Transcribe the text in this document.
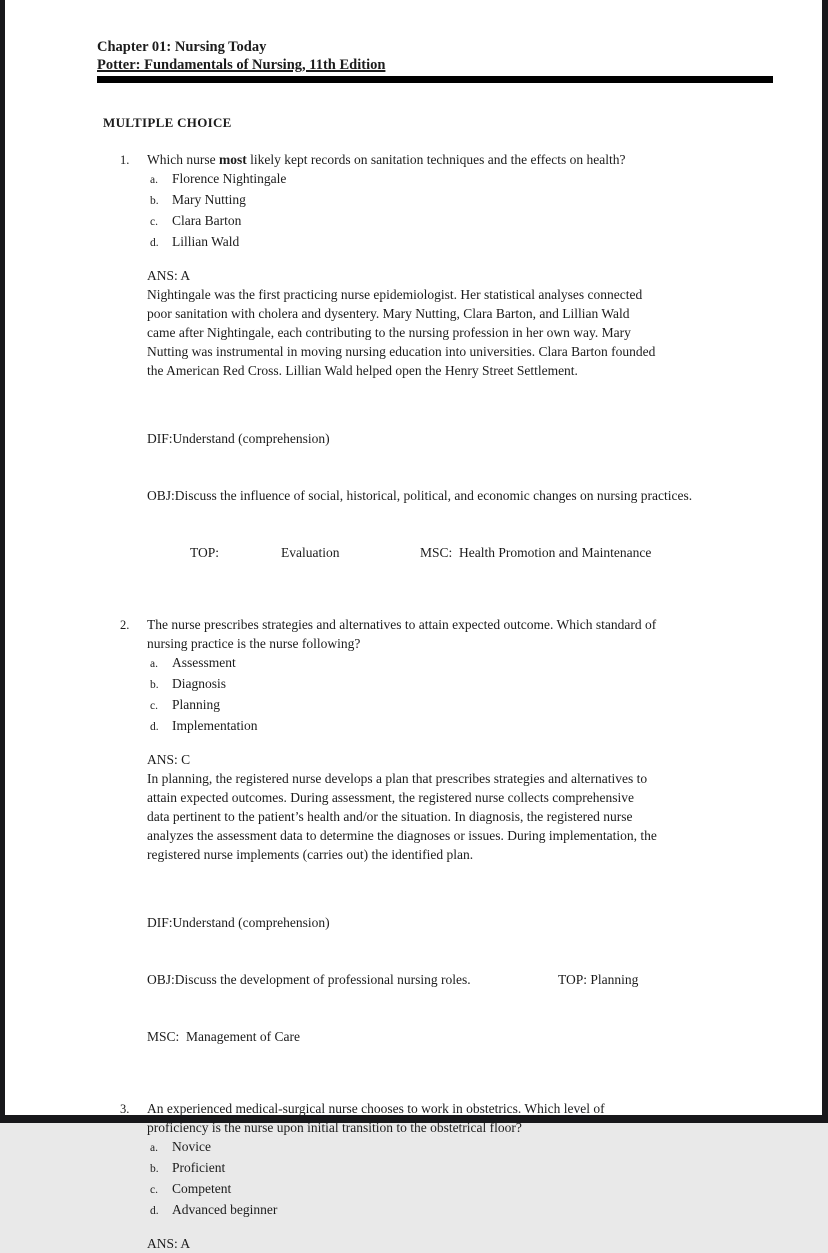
Chapter 01: Nursing Today
Potter: Fundamentals of Nursing, 11th Edition
MULTIPLE CHOICE
1. Which nurse most likely kept records on sanitation techniques and the effects on health?
a. Florence Nightingale
b. Mary Nutting
c. Clara Barton
d. Lillian Wald
ANS: A
Nightingale was the first practicing nurse epidemiologist. Her statistical analyses connected
poor sanitation with cholera and dysentery. Mary Nutting, Clara Barton, and Lillian Wald
came after Nightingale, each contributing to the nursing profession in her own way. Mary
Nutting was instrumental in moving nursing education into universities. Clara Barton founded
the American Red Cross. Lillian Wald helped open the Henry Street Settlement.

DIF:Understand (comprehension)

OBJ:Discuss the influence of social, historical, political, and economic changes on nursing practices.

TOP:

	Evaluation

	MSC:  Health Promotion and Maintenance

2. The nurse prescribes strategies and alternatives to attain expected outcome. Which standard of
nursing practice is the nurse following?
a. Assessment
b. Diagnosis
c. Planning
d. Implementation
ANS: C
In planning, the registered nurse develops a plan that prescribes strategies and alternatives to
attain expected outcomes. During assessment, the registered nurse collects comprehensive
data pertinent to the patient’s health and/or the situation. In diagnosis, the registered nurse
analyzes the assessment data to determine the diagnoses or issues. During implementation, the
registered nurse implements (carries out) the identified plan.

DIF:Understand (comprehension)

OBJ:Discuss the development of professional nursing roles.

	TOP: Planning

MSC:  Management of Care

3. An experienced medical-surgical nurse chooses to work in obstetrics. Which level of
proficiency is the nurse upon initial transition to the obstetrical floor?
a. Novice
b. Proficient
c. Competent
d. Advanced beginner
ANS: A
